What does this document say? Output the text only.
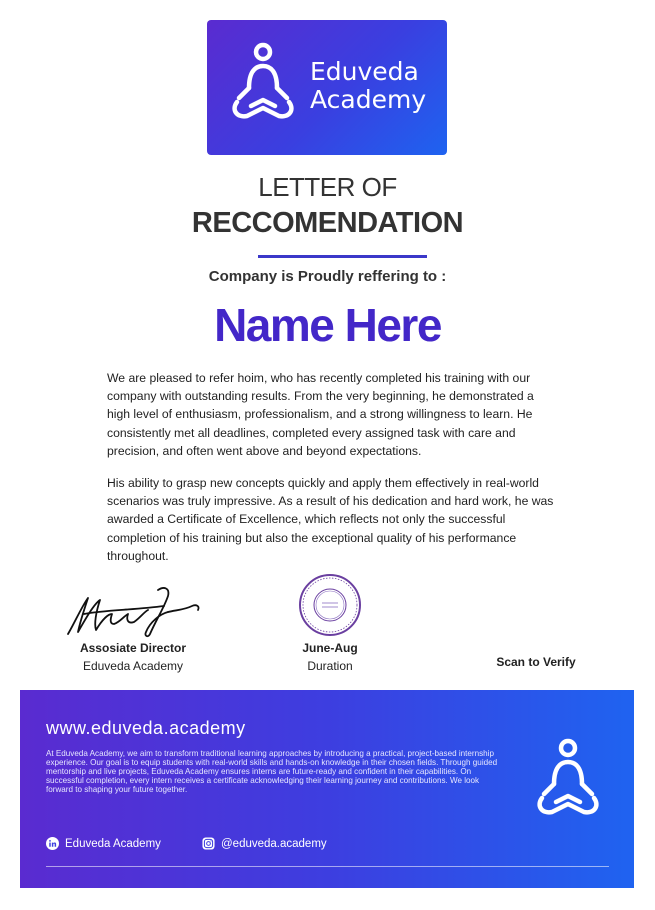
Eduveda
Academy
LETTER OF
RECCOMENDATION
Company is Proudly reffering to :
Name Here
We are pleased to refer hoim, who has recently completed his training with our company with outstanding results. From the very beginning, he demonstrated a high level of enthusiasm, professionalism, and a strong willingness to learn. He consistently met all deadlines, completed every assigned task with care and precision, and often went above and beyond expectations.
His ability to grasp new concepts quickly and apply them effectively in real-world scenarios was truly impressive. As a result of his dedication and hard work, he was awarded a Certificate of Excellence, which reflects not only the successful completion of his training but also the exceptional quality of his performance throughout.
Assosiate Director
Eduveda Academy
June-Aug
Duration	Scan to Verify
www.eduveda.academy
At Eduveda Academy, we aim to transform traditional learning approaches by introducing a practical, project-based internship experience. Our goal is to equip students with real-world skills and hands-on knowledge in their chosen fields. Through guided mentorship and live projects, Eduveda Academy ensures interns are future-ready and confident in their capabilities. On successful completion, every intern receives a certificate acknowledging their learning journey and contributions. We look forward to shaping your future together.
Eduveda Academy	@eduveda.academy
